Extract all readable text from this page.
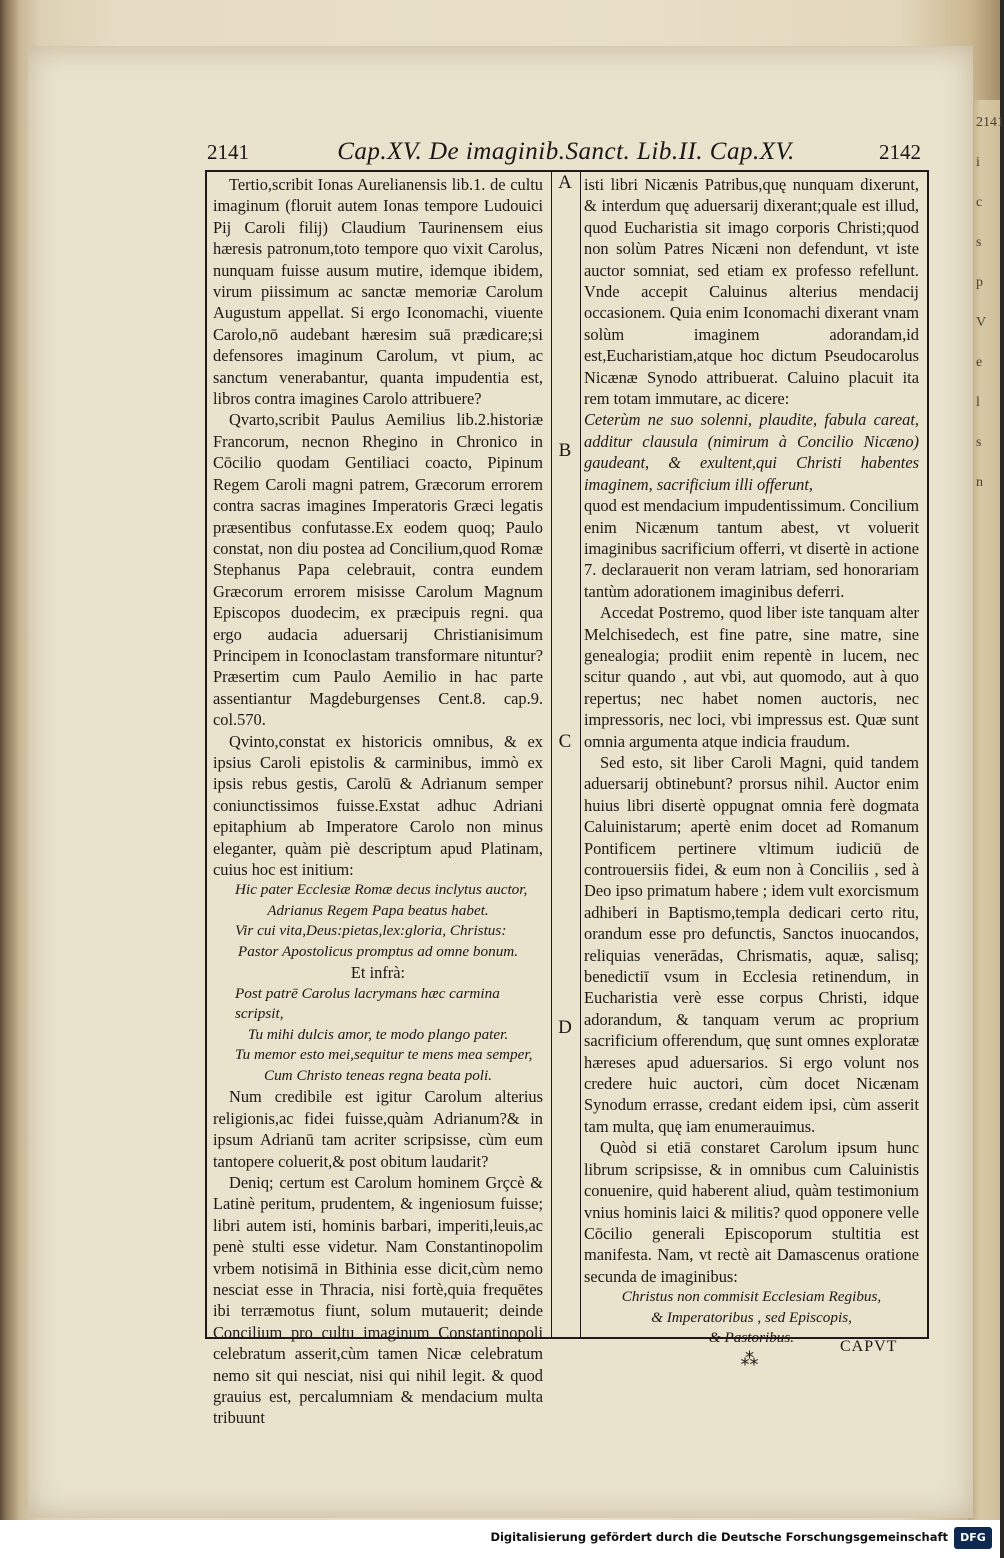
2141
i
c
s
p
V
e
l
s
n
2141	Cap.XV. De imaginib.Sanct. Lib.II. Cap.XV.	2142

Tertio,scribit Ionas Aurelianensis lib.1. de cultu imaginum (floruit autem Ionas tempore Ludouici Pij Caroli filij) Claudium Taurinensem eius hæresis patronum,toto tempore quo vixit Carolus, nunquam fuisse ausum mutire, idemque ibidem, virum piissimum ac sanctæ memoriæ Carolum Augustum appellat. Si ergo Iconomachi, viuente Carolo,nō audebant hæresim suā prædicare;si defensores imaginum Carolum, vt pium, ac sanctum venerabantur, quanta impudentia est, libros contra imagines Carolo attribuere?

Qvarto,scribit Paulus Aemilius lib.2.historiæ Francorum, necnon Rhegino in Chronico in Cōcilio quodam Gentiliaci coacto, Pipinum Regem Caroli magni patrem, Græcorum errorem contra sacras imagines Imperatoris Græci legatis præsentibus confutasse.Ex eodem quoq; Paulo constat, non diu postea ad Concilium,quod Romæ Stephanus Papa celebrauit, contra eundem Græcorum errorem misisse Carolum Magnum Episcopos duodecim, ex præcipuis regni. qua ergo audacia aduersarij Christianisimum Principem in Iconoclastam transformare nituntur? Præsertim cum Paulo Aemilio in hac parte assentiantur Magdeburgenses Cent.8. cap.9. col.570.

Qvinto,constat ex historicis omnibus, & ex ipsius Caroli epistolis & carminibus, immò ex ipsis rebus gestis, Carolū & Adrianum semper coniunctissimos fuisse.Exstat adhuc Adriani epitaphium ab Imperatore Carolo non minus eleganter, quàm piè descriptum apud Platinam, cuius hoc est initium:

Hic pater Ecclesiæ Romæ decus inclytus auctor,

Adrianus Regem Papa beatus habet.

Vir cui vita,Deus:pietas,lex:gloria, Christus:

Pastor Apostolicus promptus ad omne bonum.

Et infrà:

Post patrē Carolus lacrymans hæc carmina scripsit,

Tu mihi dulcis amor, te modo plango pater.

Tu memor esto mei,sequitur te mens mea semper,

Cum Christo teneas regna beata poli.

Num credibile est igitur Carolum alterius religionis,ac fidei fuisse,quàm Adrianum?& in ipsum Adrianū tam acriter scripsisse, cùm eum tantopere coluerit,& post obitum laudarit?

Deniq; certum est Carolum hominem Grçcè & Latinè peritum, prudentem, & ingeniosum fuisse; libri autem isti, hominis barbari, imperiti,leuis,ac penè stulti esse videtur. Nam Constantinopolim vrbem notisimā in Bithinia esse dicit,cùm nemo nesciat esse in Thracia, nisi fortè,quia frequētes ibi terræmotus fiunt, solum mutauerit; deinde Concilium pro cultu imaginum Constantinopoli celebratum asserit,cùm tamen Nicæ celebratum nemo sit qui nesciat, nisi qui nihil legit. & quod grauius est, percalumniam & mendacium multa tribuunt

A
B
C
D

isti libri Nicænis Patribus,quę nunquam dixerunt, & interdum quę aduersarij dixerant;quale est illud, quod Eucharistia sit imago corporis Christi;quod non solùm Patres Nicæni non defendunt, vt iste auctor somniat, sed etiam ex professo refellunt. Vnde accepit Caluinus alterius mendacij occasionem. Quia enim Iconomachi dixerant vnam solùm imaginem adorandam,id est,Eucharistiam,atque hoc dictum Pseudocarolus Nicænæ Synodo attribuerat. Caluino placuit ita rem totam immutare, ac dicere:

Ceterùm ne suo solenni, plaudite, fabula careat, additur clausula (nimirum à Concilio Nicæno) gaudeant, & exultent,qui Christi habentes imaginem, sacrificium illi offerunt,

quod est mendacium impudentissimum. Concilium enim Nicænum tantum abest, vt voluerit imaginibus sacrificium offerri, vt disertè in actione 7. declarauerit non veram latriam, sed honorariam tantùm adorationem imaginibus deferri.

Accedat Postremo, quod liber iste tanquam alter Melchisedech, est fine patre, sine matre, sine genealogia; prodiit enim repentè in lucem, nec scitur quando , aut vbi, aut quomodo, aut à quo repertus; nec habet nomen auctoris, nec impressoris, nec loci, vbi impressus est. Quæ sunt omnia argumenta atque indicia fraudum.

Sed esto, sit liber Caroli Magni, quid tandem aduersarij obtinebunt? prorsus nihil. Auctor enim huius libri disertè oppugnat omnia ferè dogmata Caluinistarum; apertè enim docet ad Romanum Pontificem pertinere vltimum iudiciū de controuersiis fidei, & eum non à Conciliis , sed à Deo ipso primatum habere ; idem vult exorcismum adhiberi in Baptismo,templa dedicari certo ritu, orandum esse pro defunctis, Sanctos inuocandos, reliquias venerādas, Chrismatis, aquæ, salisq; benedictiī vsum in Ecclesia retinendum, in Eucharistia verè esse corpus Christi, idque adorandum, & tanquam verum ac proprium sacrificium offerendum, quę sunt omnes exploratæ hæreses apud aduersarios. Si ergo volunt nos credere huic auctori, cùm docet Nicænam Synodum errasse, credant eidem ipsi, cùm asserit tam multa, quę iam enumerauimus.

Quòd si etiā constaret Carolum ipsum hunc librum scripsisse, & in omnibus cum Caluinistis conuenire, quid haberent aliud, quàm testimonium vnius hominis laici & militis? quod opponere velle Cōcilio generali Episcoporum stultitia est manifesta. Nam, vt rectè ait Damascenus oratione secunda de imaginibus:

Christus non commisit Ecclesiam Regibus,

& Imperatoribus , sed Episcopis,

& Pastoribus.

⁂
CAPVT
Digitalisierung gefördert durch die Deutsche Forschungsgemeinschaft	DFG
